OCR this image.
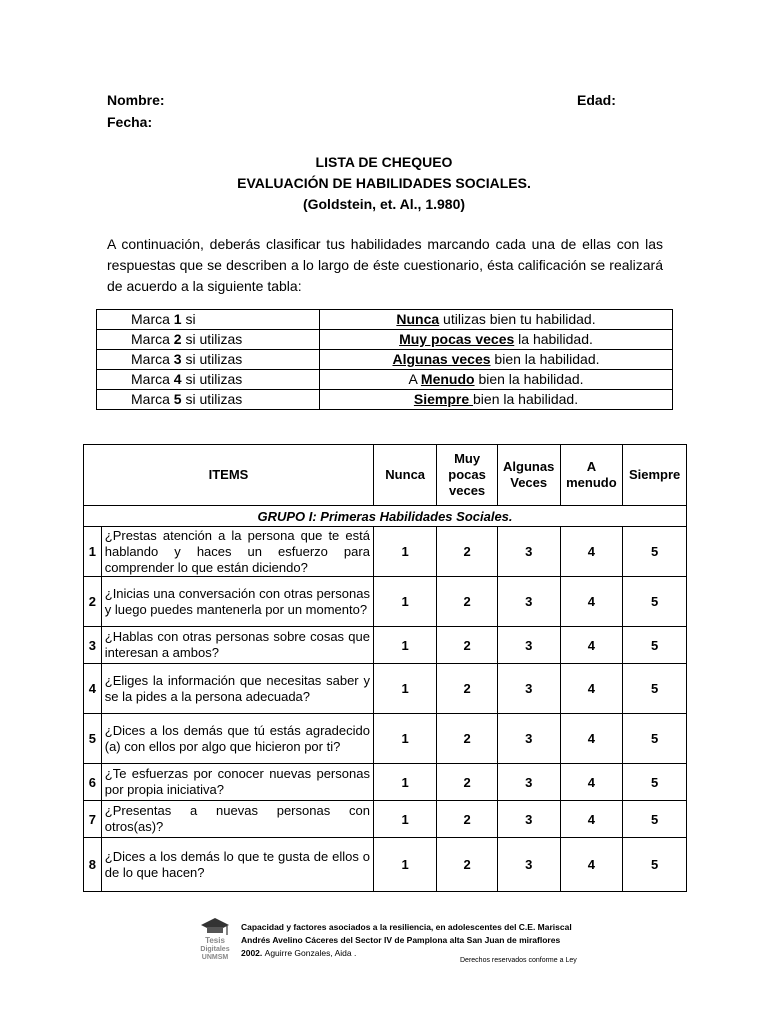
Nombre:	Edad:
Fecha:
LISTA DE CHEQUEO
EVALUACIÓN DE HABILIDADES SOCIALES.
(Goldstein, et. Al., 1.980)
A continuación, deberás clasificar tus habilidades marcando cada una de ellas con las respuestas que se describen a lo largo de éste cuestionario, ésta calificación se realizará de acuerdo a la siguiente tabla:
Marca 1 si	Nunca utilizas bien tu habilidad.
Marca 2 si utilizas	Muy pocas veces la habilidad.
Marca 3 si utilizas	Algunas veces bien la habilidad.
Marca 4 si utilizas	A Menudo bien la habilidad.
Marca 5 si utilizas	Siempre bien la habilidad.
ITEMS		Nunca	Muy pocas veces	Algunas Veces	A menudo	Siempre
GRUPO I: Primeras Habilidades Sociales.						
1	¿Prestas atención a la persona que te está hablando y haces un esfuerzo para comprender lo que están diciendo?	1	2	3	4	5
2	¿Inicias una conversación con otras personas y luego puedes mantenerla por un momento?	1	2	3	4	5
3	¿Hablas con otras personas sobre cosas que interesan a ambos?	1	2	3	4	5
4	¿Eliges la información que necesitas saber y se la pides a la persona adecuada?	1	2	3	4	5
5	¿Dices a los demás que tú estás agradecido (a) con ellos por algo que hicieron por ti?	1	2	3	4	5
6	¿Te esfuerzas por conocer nuevas personas por propia iniciativa?	1	2	3	4	5
7	¿Presentas a nuevas personas con otros(as)?	1	2	3	4	5
8	¿Dices a los demás lo que te gusta de ellos o de lo que hacen?	1	2	3	4	5
Tesis
Digitales
UNMSM
Capacidad y factores asociados a la resiliencia, en adolescentes del C.E. Mariscal Andrés Avelino Cáceres del Sector IV de Pamplona alta San Juan de miraflores 2002. Aguirre Gonzales, Aida .
Derechos reservados conforme a Ley
